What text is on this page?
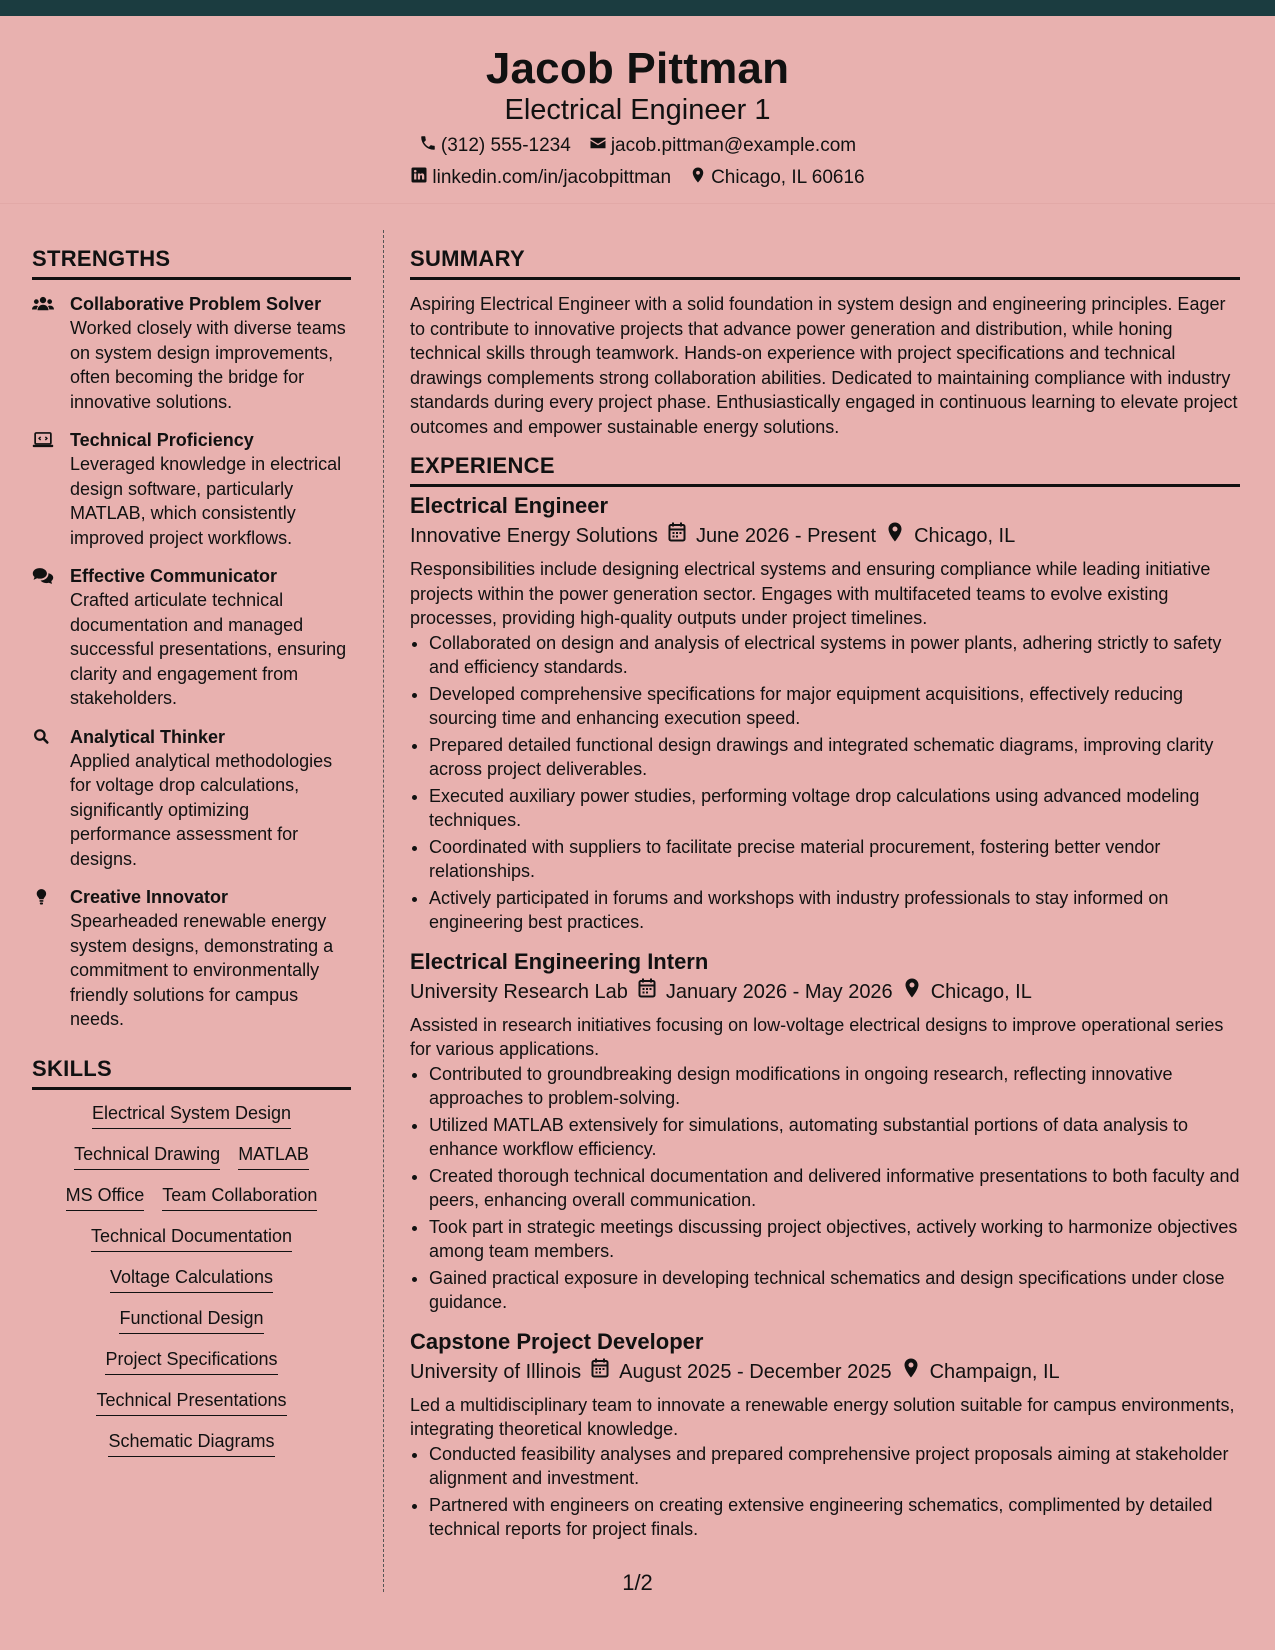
Jacob Pittman
Electrical Engineer 1
(312) 555-1234 jacob.pittman@example.com
linkedin.com/in/jacobpittman Chicago, IL 60616
STRENGTHS
Collaborative Problem Solver
Worked closely with diverse teams on system design improvements, often becoming the bridge for innovative solutions.
Technical Proficiency
Leveraged knowledge in electrical design software, particularly MATLAB, which consistently improved project workflows.
Effective Communicator
Crafted articulate technical documentation and managed successful presentations, ensuring clarity and engagement from stakeholders.
Analytical Thinker
Applied analytical methodologies for voltage drop calculations, significantly optimizing performance assessment for designs.
Creative Innovator
Spearheaded renewable energy system designs, demonstrating a commitment to environmentally friendly solutions for campus needs.
SKILLS
Electrical System Design
Technical Drawing MATLAB
MS Office Team Collaboration
Technical Documentation
Voltage Calculations
Functional Design
Project Specifications
Technical Presentations
Schematic Diagrams
SUMMARY
Aspiring Electrical Engineer with a solid foundation in system design and engineering principles. Eager to contribute to innovative projects that advance power generation and distribution, while honing technical skills through teamwork. Hands-on experience with project specifications and technical drawings complements strong collaboration abilities. Dedicated to maintaining compliance with industry standards during every project phase. Enthusiastically engaged in continuous learning to elevate project outcomes and empower sustainable energy solutions.
EXPERIENCE
Electrical Engineer
Innovative Energy Solutions June 2026 - Present Chicago, IL
Responsibilities include designing electrical systems and ensuring compliance while leading initiative projects within the power generation sector. Engages with multifaceted teams to evolve existing processes, providing high-quality outputs under project timelines.
• Collaborated on design and analysis of electrical systems in power plants, adhering strictly to safety and efficiency standards.
• Developed comprehensive specifications for major equipment acquisitions, effectively reducing sourcing time and enhancing execution speed.
• Prepared detailed functional design drawings and integrated schematic diagrams, improving clarity across project deliverables.
• Executed auxiliary power studies, performing voltage drop calculations using advanced modeling techniques.
• Coordinated with suppliers to facilitate precise material procurement, fostering better vendor relationships.
• Actively participated in forums and workshops with industry professionals to stay informed on engineering best practices.
Electrical Engineering Intern
University Research Lab January 2026 - May 2026 Chicago, IL
Assisted in research initiatives focusing on low-voltage electrical designs to improve operational series for various applications.
• Contributed to groundbreaking design modifications in ongoing research, reflecting innovative approaches to problem-solving.
• Utilized MATLAB extensively for simulations, automating substantial portions of data analysis to enhance workflow efficiency.
• Created thorough technical documentation and delivered informative presentations to both faculty and peers, enhancing overall communication.
• Took part in strategic meetings discussing project objectives, actively working to harmonize objectives among team members.
• Gained practical exposure in developing technical schematics and design specifications under close guidance.
Capstone Project Developer
University of Illinois August 2025 - December 2025 Champaign, IL
Led a multidisciplinary team to innovate a renewable energy solution suitable for campus environments, integrating theoretical knowledge.
• Conducted feasibility analyses and prepared comprehensive project proposals aiming at stakeholder alignment and investment.
• Partnered with engineers on creating extensive engineering schematics, complimented by detailed technical reports for project finals.
1/2
